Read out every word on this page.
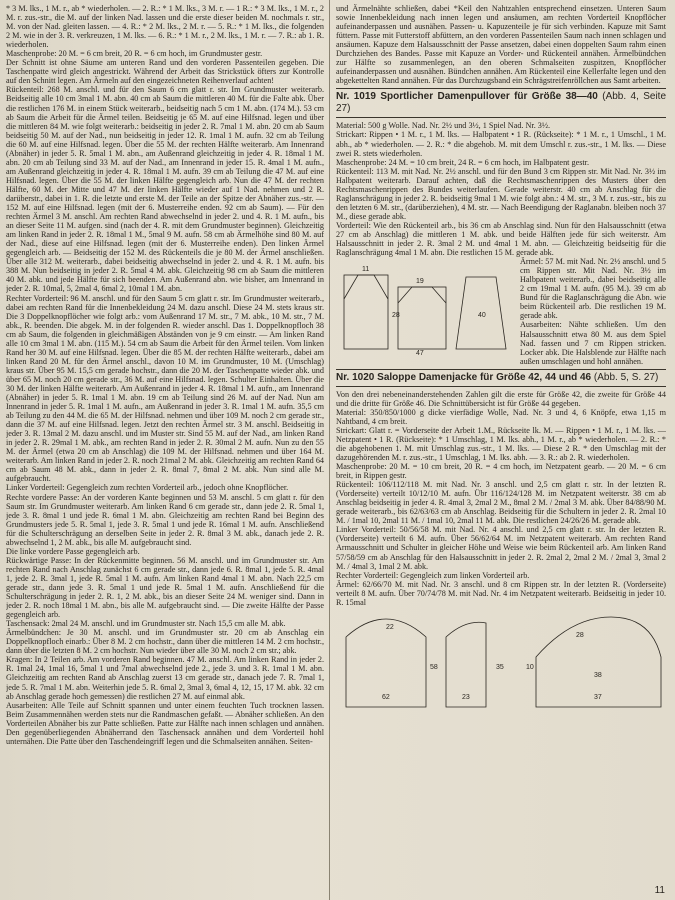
* 3 M. lks., 1 M. r., ab * wiederholen. — 2. R.: * 1 M. lks., 3 M. r. — 1 R.: * 3 M. lks., 1 M. r., 2 M. r. zus.-str., die M. auf der linken Nad. lassen und die erste dieser beiden M. nochmals r. str., M. von der Nad. gleiten lassen. — 4. R.: * 2 M. lks., 2 M. r. — 5. R.: * 1 M. lks., die folgenden 2 M. wie in der 3. R. verkreuzen, 1 M. lks. — 6. R.: * 1 M. r., 2 M. lks., 1 M. r. — 7. R.: ab 1. R. wiederholen.

Maschenprobe: 20 M. = 6 cm breit, 20 R. = 6 cm hoch, im Grundmuster gestr.

Der Schnitt ist ohne Säume am unteren Rand und den vorderen Passenteilen gegeben. Die Taschenpatte wird gleich angestrickt. Während der Arbeit das Strickstück öfters zur Kontrolle auf den Schnitt legen. Am Ärmeln auf den eingezeichneten Reihenverlauf achten!

Rückenteil: 268 M. anschl. und für den Saum 6 cm glatt r. str. Im Grundmuster weiterarb. Beidseitig alle 10 cm 3mal 1 M. abn. 40 cm ab Saum die mittleren 40 M. für die Falte abk. Über die restlichen 176 M. in einem Stück weiterarb., beidseitig nach 5 cm 1 M. abn. (174 M.). 53 cm ab Saum die Arbeit für die Ärmel teilen. Beidseitig je 65 M. auf eine Hilfsnad. legen und über die mittleren 84 M. wie folgt weiterarb.: beidseitig in jeder 2. R. 7mal 1 M. abn. 20 cm ab Saum beidseitig 50 M. auf der Nad., nun beidseitig in jeder 12. R. 1mal 1 M. aufn. 32 cm ab Teilung die 60 M. auf eine Hilfsnad. legen. Über die 55 M. der rechten Hälfte weiterarb. Am Innenrand (Abnäher) in jeder 5. R. 5mal 1 M. abn., am Außenrand gleichzeitig in jeder 4. R. 18mal 1 M. abn. 20 cm ab Teilung sind 33 M. auf der Nad., am Innenrand in jeder 15. R. 4mal 1 M. aufn., am Außenrand gleichzeitig in jeder 4. R. 18mal 1 M. aufn. 39 cm ab Teilung die 47 M. auf eine Hilfsnad. legen. Über die 55 M. der linken Hälfte gegengleich arb. Nun die 47 M. der rechten Hälfte, 60 M. der Mitte und 47 M. der linken Hälfte wieder auf 1 Nad. nehmen und 2 R. darüberstr., dabei in 1. R. die letzte und erste M. der Teile an der Spitze der Abnäher zus.-str. — 152 M. auf eine Hilfsnad. legen (mit der 6. Musterreihe enden. 92 cm ab Saum). — Für den rechten Ärmel 3 M. anschl. Am rechten Rand abwechselnd in jeder 2. und 4. R. 1 M. aufn., bis an dieser Seite 11 M. aufgen. sind (nach der 4. R. mit dem Grundmuster beginnen). Gleichzeitig am linken Rand in jeder 2. R. 18mal 1 M., 5mal 9 M. aufn. 58 cm ab Ärmelhöhe sind 80 M. auf der Nad., diese auf eine Hilfsnad. legen (mit der 6. Musterreihe enden). Den linken Ärmel gegengleich arb. — Beidseitig der 152 M. des Rückenteils die je 80 M. der Ärmel anschließen. Über alle 312 M. weiterarb., dabei beidseitig abwechselnd in jeder 2. und 4. R. 1 M. aufn. bis 388 M. Nun beidseitig in jeder 2. R. 5mal 4 M. abk. Gleichzeitig 98 cm ab Saum die mittleren 40 M. abk. und jede Hälfte für sich beenden. Am Außenrand abn. wie bisher, am Innenrand in jeder 2. R. 10mal, 5, 2mal 4, 6mal 2, 10mal 1 M. abn.

Rechter Vorderteil: 96 M. anschl. und für den Saum 5 cm glatt r. str. Im Grundmuster weiterarb., dabei am rechten Rand für die Innenbekleidung 24 M. dazu anschl. Diese 24 M. stets kraus str. Die 3 Doppelknopflöcher wie folgt arb.: vom Außenrand 17 M. str., 7 M. abk., 10 M. str., 7 M. abk., R. beenden. Die abgek. M. in der folgenden R. wieder anschl. Das 1. Doppelknopfloch 38 cm ab Saum, die folgenden in gleichmäßigen Abständen von je 9 cm einstr. — Am linken Rand alle 10 cm 3mal 1 M. abn. (115 M.). 54 cm ab Saum die Arbeit für den Ärmel teilen. Vom linken Rand her 30 M. auf eine Hilfsnad. legen. Über die 85 M. der rechten Hälfte weiterarb., dabei am linken Rand 20 M. für den Ärmel anschl., davon 10 M. im Grundmuster, 10 M. (Umschlag) kraus str. Über 95 M. 15,5 cm gerade hochstr., dann die 20 M. der Taschenpatte wieder abk. und über 65 M. noch 20 cm gerade str., 36 M. auf eine Hilfsnad. legen. Schulter Einhalten. Über die 30 M. der linken Hälfte weiterarb. Am Außenrand in jeder 4. R. 18mal 1 M. aufn., am Innenrand (Abnäher) in jeder 5. R. 1mal 1 M. abn. 19 cm ab Teilung sind 26 M. auf der Nad. Nun am Innenrand in jeder 5. R. 1mal 1 M. aufn., am Außenrand in jeder 3. R. 1mal 1 M. aufn. 35,5 cm ab Teilung zu den 44 M. die 65 M. der Hilfsnad. nehmen und über 109 M. noch 2 cm gerade str., dann die 37 M. auf eine Hilfsnad. legen. Jetzt den rechten Ärmel str. 3 M. anschl. Beidseitig in jeder 3. R. 13mal 2 M. dazu anschl. und im Muster str. Sind 55 M. auf der Nad., am linken Rand in jeder 2. R. 29mal 1 M. abk., am rechten Rand in jeder 2. R. 30mal 2 M. aufn. Nun zu den 55 M. der Ärmel (etwa 20 cm ab Anschlag) die 109 M. der Hilfsnad. nehmen und über 164 M. weiterarb. Am linken Rand in jeder 2. R. noch 21mal 2 M. abk. Gleichzeitig am rechten Rand 64 cm ab Saum 48 M. abk., dann in jeder 2. R. 8mal 7, 8mal 2 M. abk. Nun sind alle M. aufgebraucht.

Linker Vorderteil: Gegengleich zum rechten Vorderteil arb., jedoch ohne Knopflöcher.

Rechte vordere Passe: An der vorderen Kante beginnen und 53 M. anschl. 5 cm glatt r. für den Saum str. Im Grundmuster weiterarb. Am linken Rand 6 cm gerade str., dann jede 2. R. 5mal 1, jede 3. R. 8mal 1 und jede R. 6mal 1 M. abn. Gleichzeitig am rechten Rand bei Beginn des Grundmusters jede 5. R. 5mal 1, jede 3. R. 5mal 1 und jede R. 16mal 1 M. aufn. Anschließend für die Schulterschrägung an derselben Seite in jeder 2. R. 8mal 3 M. abk., danach jede 2. R. abwechselnd 1, 2 M. abk., bis alle M. aufgebraucht sind.

Die linke vordere Passe gegengleich arb.

Rückwärtige Passe: In der Rückenmitte beginnen. 56 M. anschl. und im Grundmuster str. Am rechten Rand nach Anschlag zunächst 6 cm gerade str., dann jede 6. R. 8mal 1, jede 5. R. 4mal 1, jede 2. R. 3mal 1, jede R. 5mal 1 M. aufn. Am linken Rand 4mal 1 M. abn. Nach 22,5 cm gerade str., dann jede 3. R. 5mal 1 und jede R. 5mal 1 M. aufn. Anschließend für die Schulterschrägung in jeder 2. R. 1, 2 M. abk., bis an dieser Seite 24 M. weniger sind. Dann in jeder 2. R. noch 18mal 1 M. abn., bis alle M. aufgebraucht sind. — Die zweite Hälfte der Passe gegengleich arb.

Taschensack: 2mal 24 M. anschl. und im Grundmuster str. Nach 15,5 cm alle M. abk.

Ärmelbündchen: Je 30 M. anschl. und im Grundmuster str. 20 cm ab Anschlag ein Doppelknopfloch einarb.: Über 8 M. 2 cm hochstr., dann über die mittleren 14 M. 2 cm hochstr., dann über die letzten 8 M. 2 cm hochstr. Nun wieder über alle 30 M. noch 2 cm str.; abk.

Kragen: In 2 Teilen arb. Am vorderen Rand beginnen. 47 M. anschl. Am linken Rand in jeder 2. R. 1mal 24, 1mal 16, 5mal 1 und 7mal abwechselnd jede 2., jede 3. und 3. R. 1mal 1 M. abn. Gleichzeitig am rechten Rand ab Anschlag zuerst 13 cm gerade str., danach jede 7. R. 7mal 1, jede 5. R. 7mal 1 M. abn. Weiterhin jede 5. R. 6mal 2, 3mal 3, 6mal 4, 12, 15, 17 M. abk. 32 cm ab Anschlag gerade hoch gemessen) die restlichen 27 M. auf einmal abk.

Ausarbeiten: Alle Teile auf Schnitt spannen und unter einem feuchten Tuch trocknen lassen. Beim Zusammennähen werden stets nur die Randmaschen gefaßt. — Abnäher schließen. An den Vorderteilen Abnäher bis zur Patte schließen. Patte zur Hälfte nach innen schlagen und annähen. Den gegenüberliegenden Abnäherrand den Taschensack annähen und dem Vorderteil hohl unternähen. Die Patte über den Taschendeingriff legen und die Schmalseiten annähen. Seiten-

und Ärmelnähte schließen, dabei *Keil den Nahtzahlen entsprechend einsetzen. Unteren Saum sowie Innenbekleidung nach innen legen und ansäumen, am rechten Vorderteil Knopflöcher aufeinanderpassen und ausnähen. Passen- u. Kapuzenteile je für sich verbinden. Kapuze mit Samt füttern. Passe mit Futterstoff abfüttern, an den vorderen Passenteilen Saum nach innen schlagen und ansäumen. Kapuze dem Halsausschnitt der Passe ansetzen, dabei einen doppelten Saum rahm einen Durchziehen des Bandes. Passe mit Kapuze an Vorder- und Rückenteil annähen. Ärmelbündchen zur Hälfte so zusammenlegen, an den oberen Schmalseiten zuspitzen, Knopflöcher aufeinanderpassen und ausnähen. Bündchen annähen. Am Rückenteil eine Kellerfalte legen und den abgekettelten Rand annähen. Für das Durchzugsband ein Schrägstreifenröllchen aus Samt arbeiten.

Nr. 1019 Sportlicher Damenpullover für Größe 38—40 (Abb. 4, Seite 27)

Material: 500 g Wolle. Nad. Nr. 2½ und 3½, 1 Spiel Nad. Nr. 3½.

Strickart: Rippen • 1 M. r., 1 M. lks. — Halbpatent • 1 R. (Rückseite): * 1 M. r., 1 Umschl., 1 M. abh., ab * wiederholen. — 2. R.: * die abgehob. M. mit dem Umschl r. zus.-str., 1 M. lks. — Diese zwei R. stets wiederholen.

Maschenprobe: 24 M. = 10 cm breit, 24 R. = 6 cm hoch, im Halbpatent gestr.

Rückenteil: 113 M. mit Nad. Nr. 2½ anschl. und für den Bund 3 cm Rippen str. Mit Nad. Nr. 3½ im Halbpatent weiterarb. Darauf achten, daß die Rechtsmaschenrippen des Musters über den Rechtsmaschenrippen des Bundes weiterlaufen. Gerade weiterstr. 40 cm ab Anschlag für die Raglanschrägung in jeder 2. R. beidseitig 9mal 1 M. wie folgt abn.: 4 M. str., 3 M. r. zus.-str., bis zu den letzten 6 M. str., (darüberziehen), 4 M. str. — Nach Beendigung der Raglanabn. bleiben noch 37 M., diese gerade abk.

Vorderteil: Wie den Rückenteil arb., bis 36 cm ab Anschlag sind. Nun für den Halsausschnitt (etwa 27 cm ab Anschlag) die mittleren 1 M. abk. und beide Hälften jede für sich weiterstr. Am Halsausschnitt in jeder 2. R. 3mal 2 M. und 4mal 1 M. abn. — Gleichzeitig beidseitig für die Raglanschrägung 4mal 1 M. abn. Die restlichen 15 M. gerade abk.

11
19
28	40
47

Ärmel: 57 M. mit Nad. Nr. 2½ anschl. und 5 cm Rippen str. Mit Nad. Nr. 3½ im Halbpatent weiterarb., dabei beidseitig alle 2 cm 19mal 1 M. aufn. (95 M.). 39 cm ab Bund für die Raglanschrägung die Abn. wie beim Rückenteil arb. Die restlichen 19 M. gerade abk.

Ausarbeiten: Nähte schließen. Um den Halsausschnitt etwa 80 M. aus dem Spiel Nad. fassen und 7 cm Rippen stricken. Locker abk. Die Halsblende zur Hälfte nach außen umschlagen und hohl annähen.

Nr. 1020 Saloppe Damenjacke für Größe 42, 44 und 46 (Abb. 5, S. 27)

Von den drei nebeneinanderstehenden Zahlen gilt die erste für Größe 42, die zweite für Größe 44 und die dritte für Größe 46. Die Schnittübersicht ist für Größe 44 gegeben.

Material: 350/850/1000 g dicke vierfädige Wolle, Nad. Nr. 3 und 4, 6 Knöpfe, etwa 1,15 m Nahtband, 4 cm breit.

Strickart: Glatt r. = Vorderseite der Arbeit 1.M., Rückseite lk. M. — Rippen • 1 M. r., 1 M. lks. — Netzpatent • 1 R. (Rückseite): * 1 Umschlag, 1 M. lks. abh., 1 M. r., ab * wiederholen. — 2. R.: * die abgehobenen 1. M. mit Umschlag zus.-str., 1 M. lks. — Diese 2 R. * den Umschlag mit der dazugehörenden M. r. zus.-str., 1 Umschlag, 1 M. lks. abh. — 3. R.: ab 2. R. wiederholen.

Maschenprobe: 20 M. = 10 cm breit, 20 R. = 4 cm hoch, im Netzpatent gearb. — 20 M. = 6 cm breit, in Rippen gestr.

Rückenteil: 106/112/118 M. mit Nad. Nr. 3 anschl. und 2,5 cm glatt r. str. In der letzten R. (Vorderseite) verteilt 10/12/10 M. aufn. Übr 116/124/128 M. im Netzpatent weiterstr. 38 cm ab Anschlag beidseitig in jeder 4. R. 4mal 3, 2mal 2 M., 8mal 2 M. / 2mal 3 M. abk. Über 84/88/90 M. gerade weiterarb., bis 62/63/63 cm ab Anschlag. Beidseitig für die Schultern in jeder 2. R. 2mal 10 M. / 1mal 10, 2mal 11 M. / 1mal 10, 2mal 11 M. abk. Die restlichen 24/26/26 M. gerade abk.

Linker Vorderteil: 50/56/58 M. mit Nad. Nr. 4 anschl. und 2,5 cm glatt r. str. In der letzten R. (Vorderseite) verteilt 6 M. aufn. Über 56/62/64 M. im Netzpatent weiterarb. Am rechten Rand Armausschnitt und Schulter in gleicher Höhe und Weise wie beim Rückenteil arb. Am linken Rand 57/58/59 cm ab Anschlag für den Halsausschnitt in jeder 2. R. 2mal 2, 2mal 2 M. / 2mal 3, 3mal 2 M. / 4mal 3, 1mal 2 M. abk.

Rechter Vorderteil: Gegengleich zum linken Vorderteil arb.

Ärmel: 62/66/70 M. mit Nad. Nr. 3 anschl. und 8 cm Rippen str. In der letzten R. (Vorderseite) verteilt 8 M. aufn. Über 70/74/78 M. mit Nad. Nr. 4 im Netzpatent weiterarb. Beidseitig in jeder 10. R. 15mal

62	23
58
22
35
38
37
28
10
11
